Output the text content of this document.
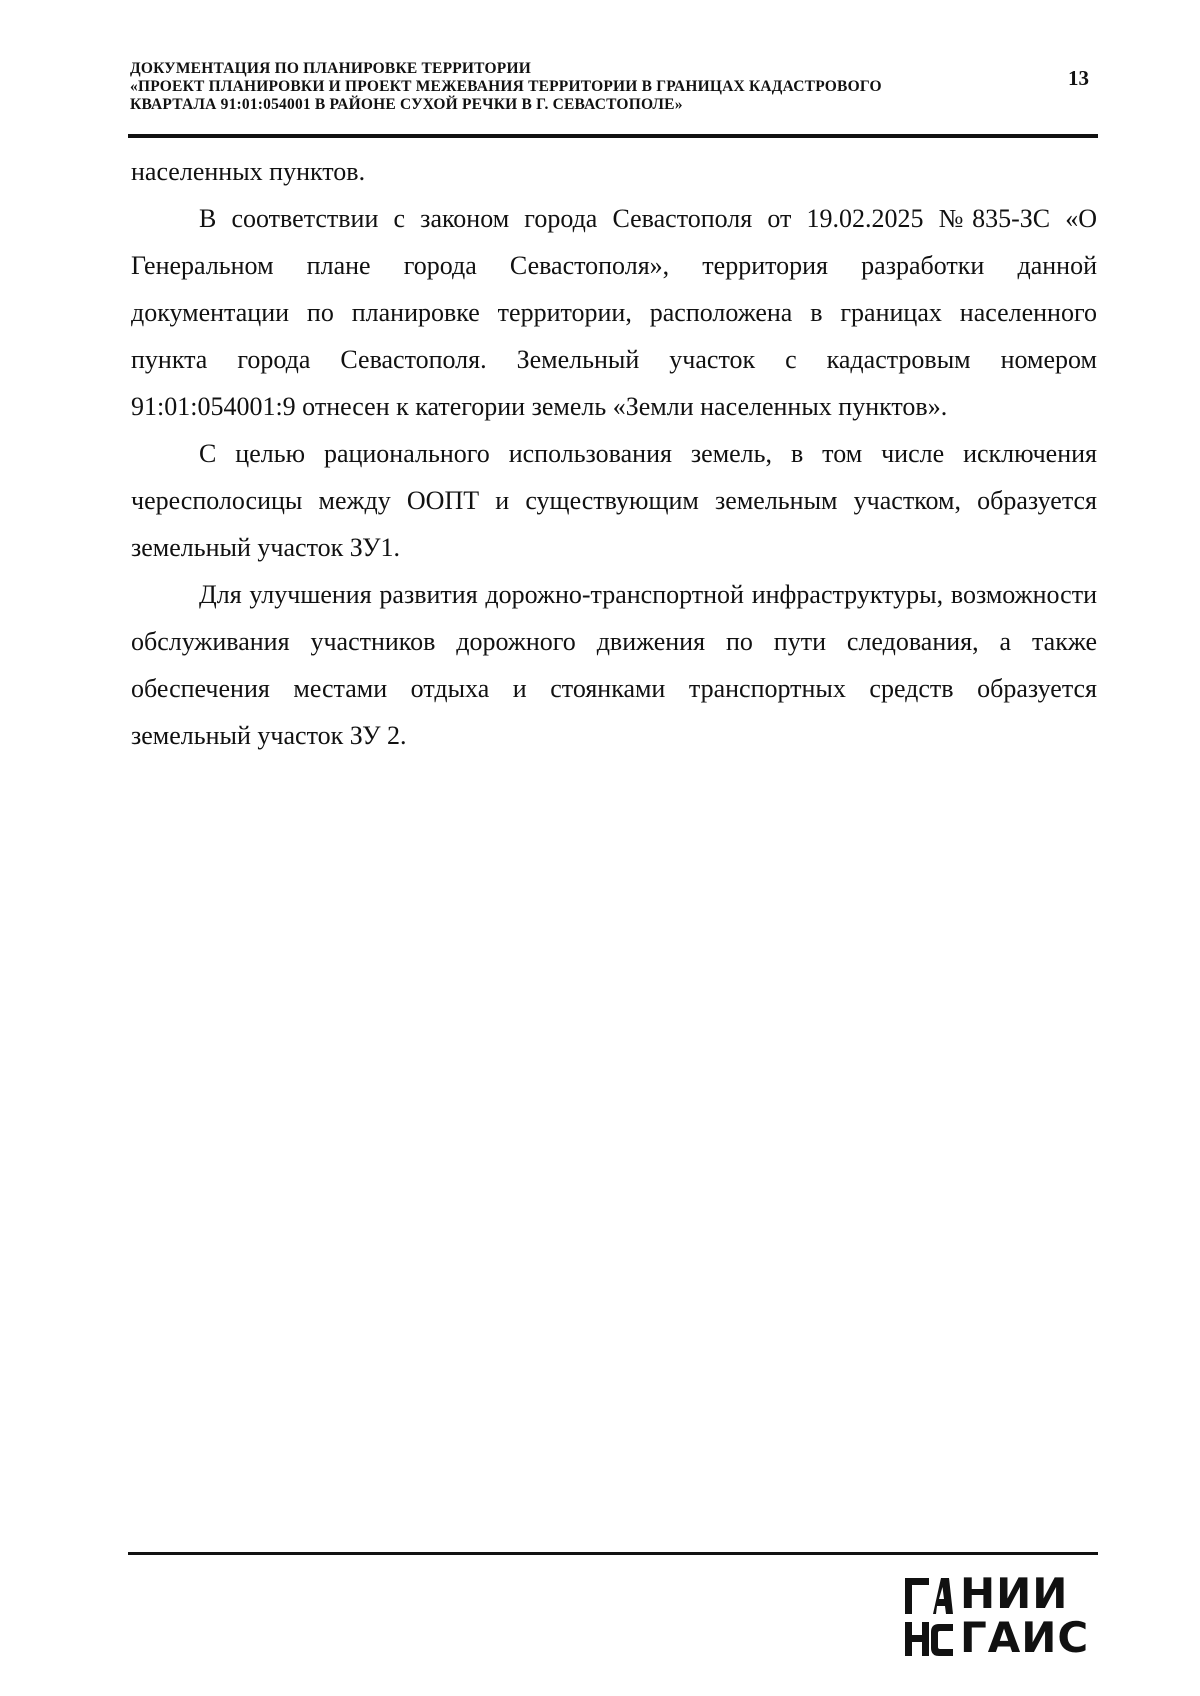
ДОКУМЕНТАЦИЯ ПО ПЛАНИРОВКЕ ТЕРРИТОРИИ
«ПРОЕКТ ПЛАНИРОВКИ И ПРОЕКТ МЕЖЕВАНИЯ ТЕРРИТОРИИ В ГРАНИЦАХ КАДАСТРОВОГО
КВАРТАЛА 91:01:054001 В РАЙОНЕ СУХОЙ РЕЧКИ В Г. СЕВАСТОПОЛЕ»
13

населенных пунктов.

В соответствии с законом города Севастополя от 19.02.2025 №835-ЗС «О Генеральном плане города Севастополя», территория разработки данной документации по планировке территории, расположена в границах населенного пункта города Севастополя. Земельный участок с кадастровым номером 91:01:054001:9 отнесен к категории земель «Земли населенных пунктов».

С целью рационального использования земель, в том числе исключения чересполосицы между ООПТ и существующим земельным участком, образуется земельный участок ЗУ1.

Для улучшения развития дорожно-транспортной инфраструктуры, возможности обслуживания участников дорожного движения по пути следования, а также обеспечения местами отдыха и стоянками транспортных средств образуется земельный участок ЗУ 2.

НИИ
ГАИС
